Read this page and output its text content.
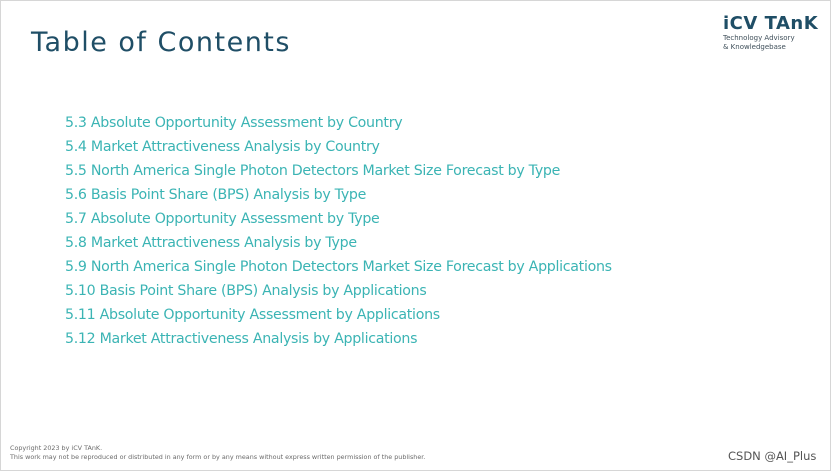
Table of Contents
iCV TAnK
Technology Advisory
& Knowledgebase
5.3 Absolute Opportunity Assessment by Country
5.4 Market Attractiveness Analysis by Country
5.5 North America Single Photon Detectors Market Size Forecast by Type
5.6 Basis Point Share (BPS) Analysis by Type
5.7 Absolute Opportunity Assessment by Type
5.8 Market Attractiveness Analysis by Type
5.9 North America Single Photon Detectors Market Size Forecast by Applications
5.10 Basis Point Share (BPS) Analysis by Applications
5.11 Absolute Opportunity Assessment by Applications
5.12 Market Attractiveness Analysis by Applications
Copyright 2023 by iCV TAnK.
This work may not be reproduced or distributed in any form or by any means without express written permission of the publisher.	CSDN @AI_Plus
